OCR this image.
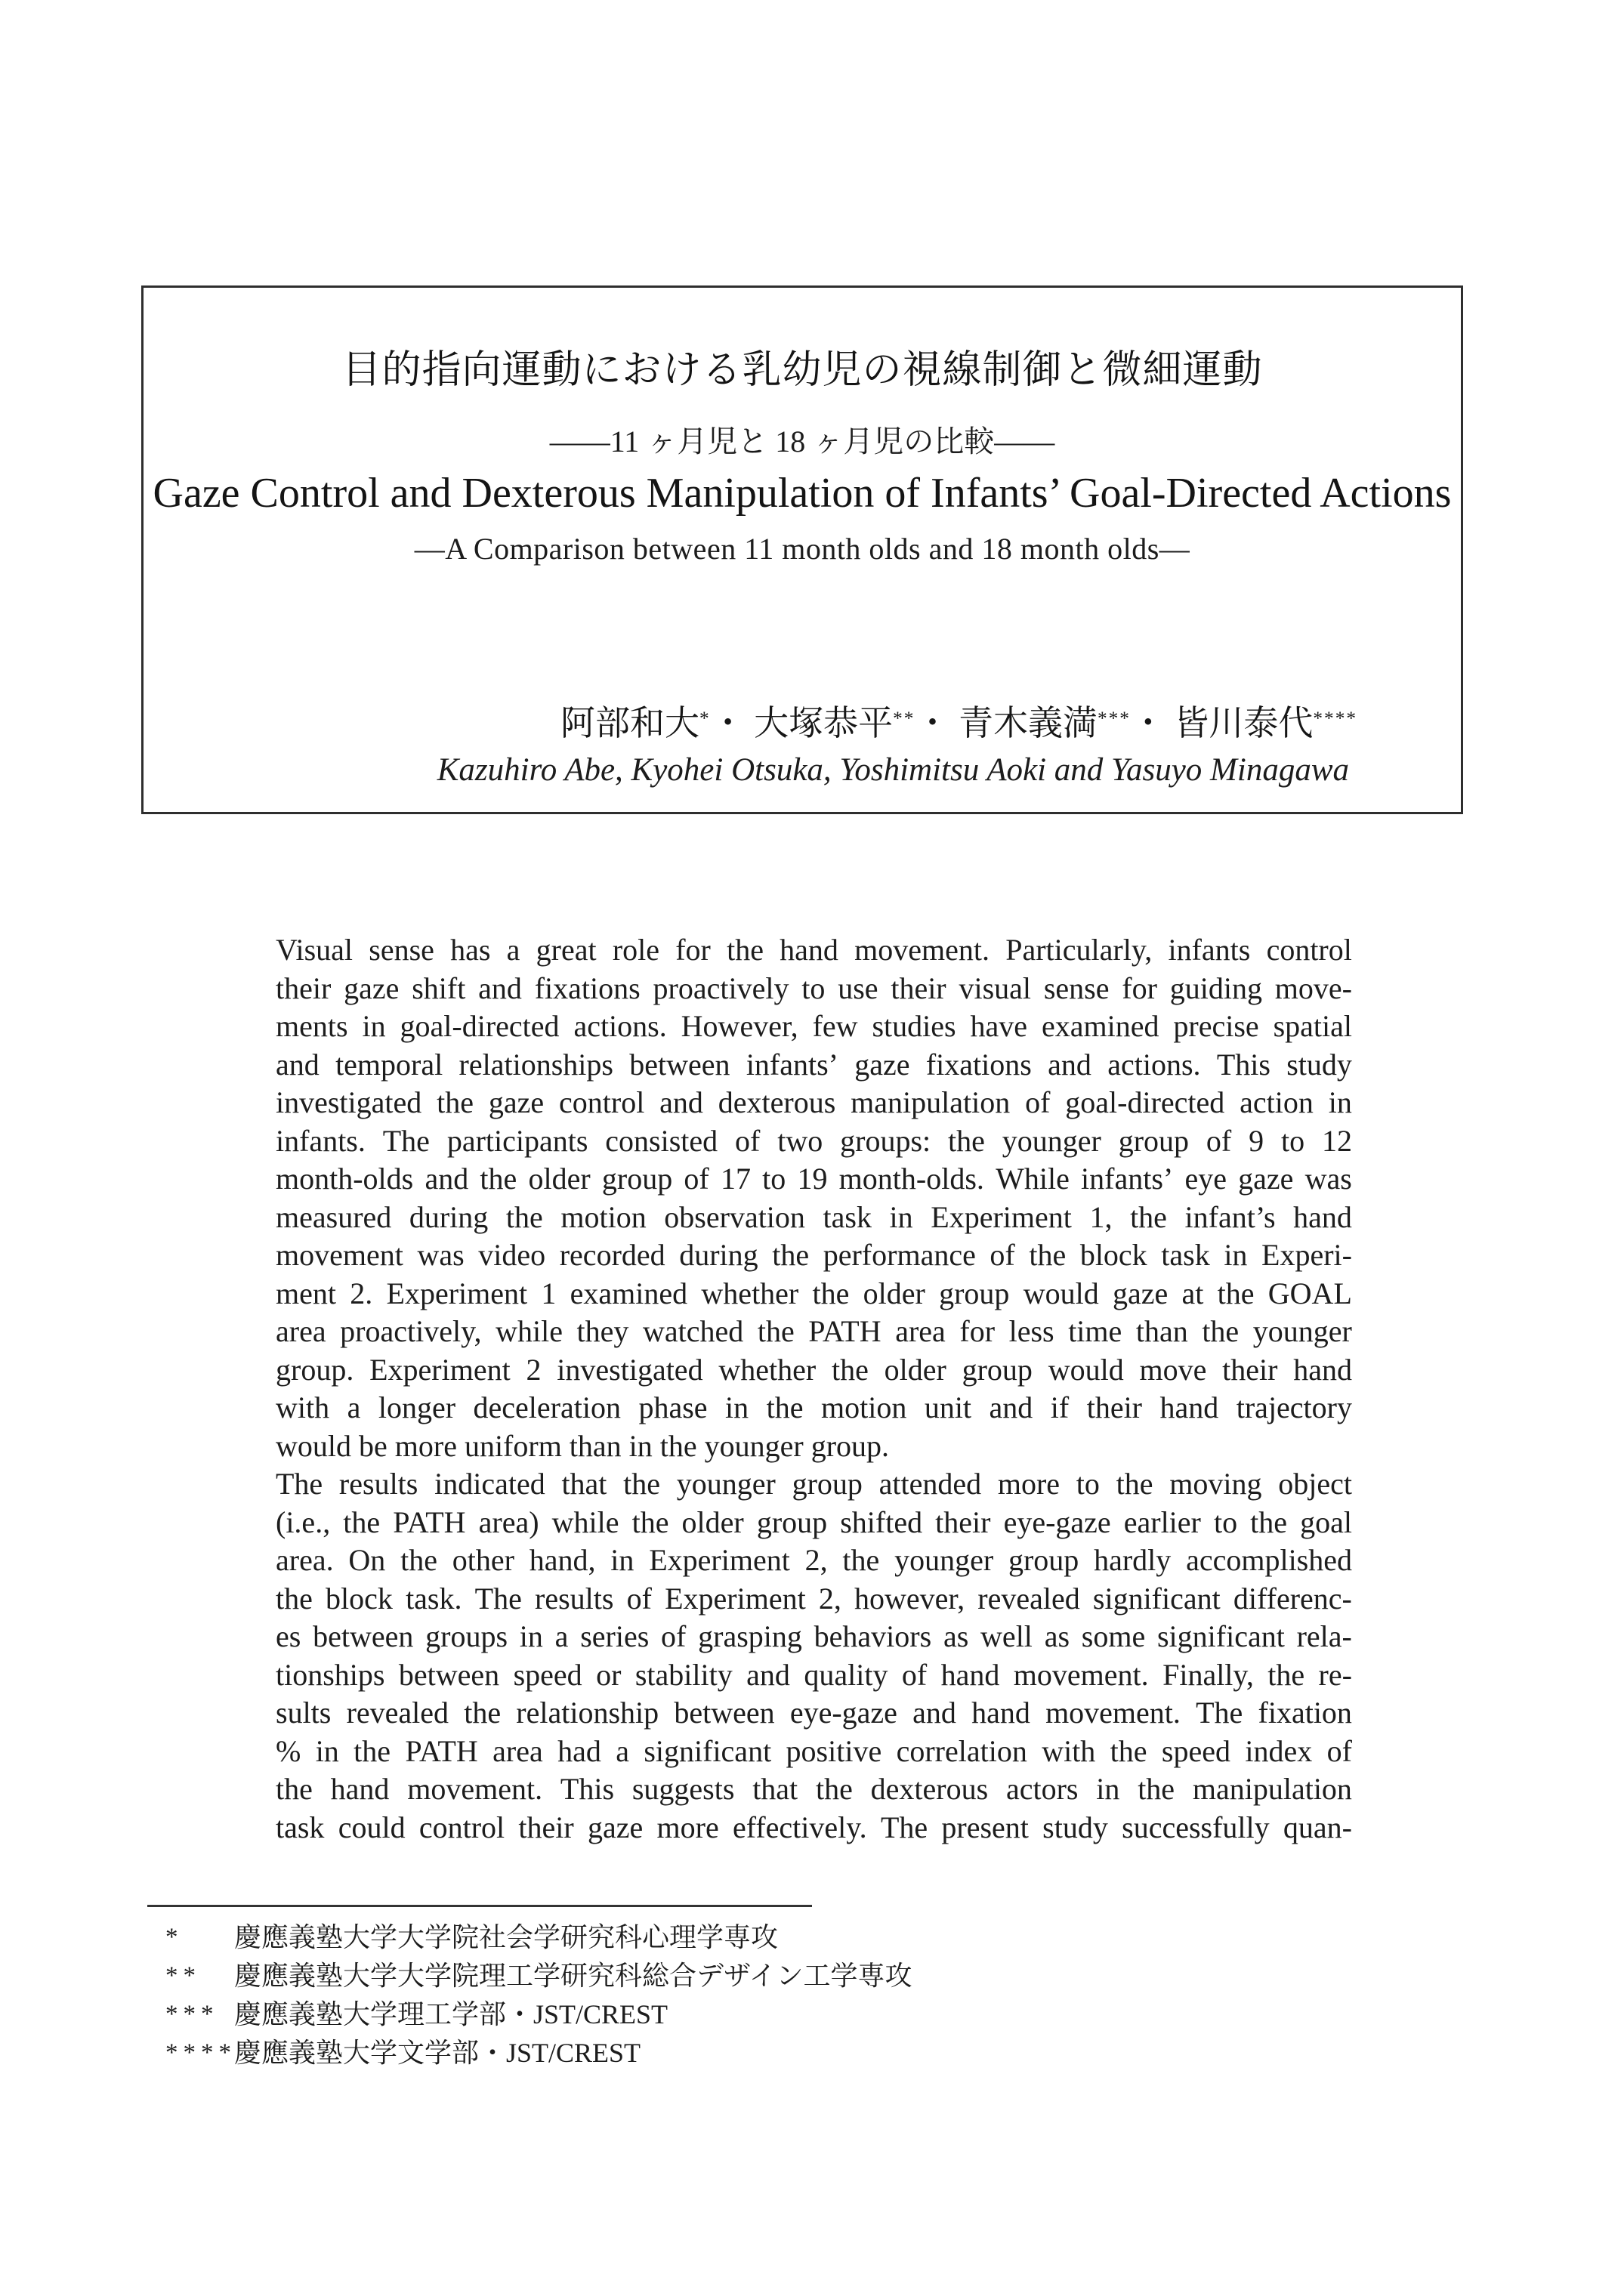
目的指向運動における乳幼児の視線制御と微細運動
——11 ヶ月児と 18 ヶ月児の比較——
Gaze Control and Dexterous Manipulation of Infants’ Goal-Directed Actions
—A Comparison between 11 month olds and 18 month olds—
阿部和大*・ 大塚恭平**・ 青木義満***・ 皆川泰代****
Kazuhiro Abe, Kyohei Otsuka, Yoshimitsu Aoki and Yasuyo Minagawa
Visual sense has a great role for the hand movement. Particularly, infants control
their gaze shift and fixations proactively to use their visual sense for guiding move-
ments in goal-directed actions. However, few studies have examined precise spatial
and temporal relationships between infants’ gaze fixations and actions. This study
investigated the gaze control and dexterous manipulation of goal-directed action in
infants. The participants consisted of two groups: the younger group of 9 to 12
month-olds and the older group of 17 to 19 month-olds. While infants’ eye gaze was
measured during the motion observation task in Experiment 1, the infant’s hand
movement was video recorded during the performance of the block task in Experi-
ment 2. Experiment 1 examined whether the older group would gaze at the GOAL
area proactively, while they watched the PATH area for less time than the younger
group. Experiment 2 investigated whether the older group would move their hand
with a longer deceleration phase in the motion unit and if their hand trajectory
would be more uniform than in the younger group.
The results indicated that the younger group attended more to the moving object
(i.e., the PATH area) while the older group shifted their eye-gaze earlier to the goal
area. On the other hand, in Experiment 2, the younger group hardly accomplished
the block task. The results of Experiment 2, however, revealed significant differenc-
es between groups in a series of grasping behaviors as well as some significant rela-
tionships between speed or stability and quality of hand movement. Finally, the re-
sults revealed the relationship between eye-gaze and hand movement. The fixation
% in the PATH area had a significant positive correlation with the speed index of
the hand movement. This suggests that the dexterous actors in the manipulation
task could control their gaze more effectively. The present study successfully quan-
* 慶應義塾大学大学院社会学研究科心理学専攻
** 慶應義塾大学大学院理工学研究科総合デザイン工学専攻
*** 慶應義塾大学理工学部・JST/CREST
****
慶應義塾大学文学部・JST/CREST
